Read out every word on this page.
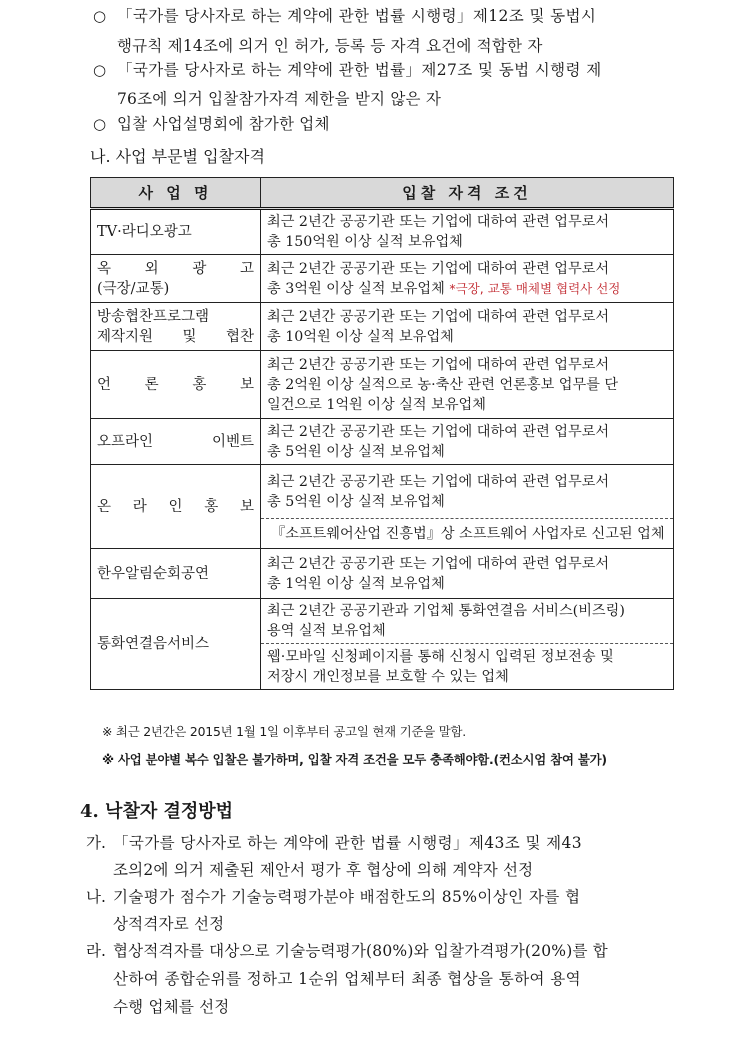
○ 「국가를 당사자로 하는 계약에 관한 법률 시행령」제12조 및 동법시
행규칙 제14조에 의거 인 허가, 등록 등 자격 요건에 적합한 자
○ 「국가를 당사자로 하는 계약에 관한 법률」제27조 및 동법 시행령 제
76조에 의거 입찰참가자격 제한을 받지 않은 자
○ 입찰 사업설명회에 참가한 업체
나. 사업 부문별 입찰자격
사 업 명	입찰 자격 조건
TV·라디오광고	최근 2년간 공공기관 또는 기업에 대하여 관련 업무로서
총 150억원 이상 실적 보유업체

옥 외 광 고
(극장/교통)	최근 2년간 공공기관 또는 기업에 대하여 관련 업무로서
총 3억원 이상 실적 보유업체 *극장, 교통 매체별 협력사 선정

방송협찬프로그램
제작지원 및 협찬	최근 2년간 공공기관 또는 기업에 대하여 관련 업무로서
총 10억원 이상 실적 보유업체

언 론 홍 보	최근 2년간 공공기관 또는 기업에 대하여 관련 업무로서
총 2억원 이상 실적으로 농·축산 관련 언론홍보 업무를 단
일건으로 1억원 이상 실적 보유업체

오프라인 이벤트	최근 2년간 공공기관 또는 기업에 대하여 관련 업무로서
총 5억원 이상 실적 보유업체

온 라 인 홍 보	최근 2년간 공공기관 또는 기업에 대하여 관련 업무로서
총 5억원 이상 실적 보유업체

	『소프트웨어산업 진흥법』상 소프트웨어 사업자로 신고된 업체

한우알림순회공연	최근 2년간 공공기관 또는 기업에 대하여 관련 업무로서
총 1억원 이상 실적 보유업체

통화연결음서비스	최근 2년간 공공기관과 기업체 통화연결음 서비스(비즈링)
용역 실적 보유업체

	웹·모바일 신청페이지를 통해 신청시 입력된 정보전송 및
저장시 개인정보를 보호할 수 있는 업체
※ 최근 2년간은 2015년 1월 1일 이후부터 공고일 현재 기준을 말함.
※ 사업 분야별 복수 입찰은 불가하며, 입찰 자격 조건을 모두 충족해야함.(컨소시엄 참여 불가)
4. 낙찰자 결정방법
가. 「국가를 당사자로 하는 계약에 관한 법률 시행령」제43조 및 제43
조의2에 의거 제출된 제안서 평가 후 협상에 의해 계약자 선정
나. 기술평가 점수가 기술능력평가분야 배점한도의 85%이상인 자를 협
상적격자로 선정
라. 협상적격자를 대상으로 기술능력평가(80%)와 입찰가격평가(20%)를 합
산하여 종합순위를 정하고 1순위 업체부터 최종 협상을 통하여 용역
수행 업체를 선정
